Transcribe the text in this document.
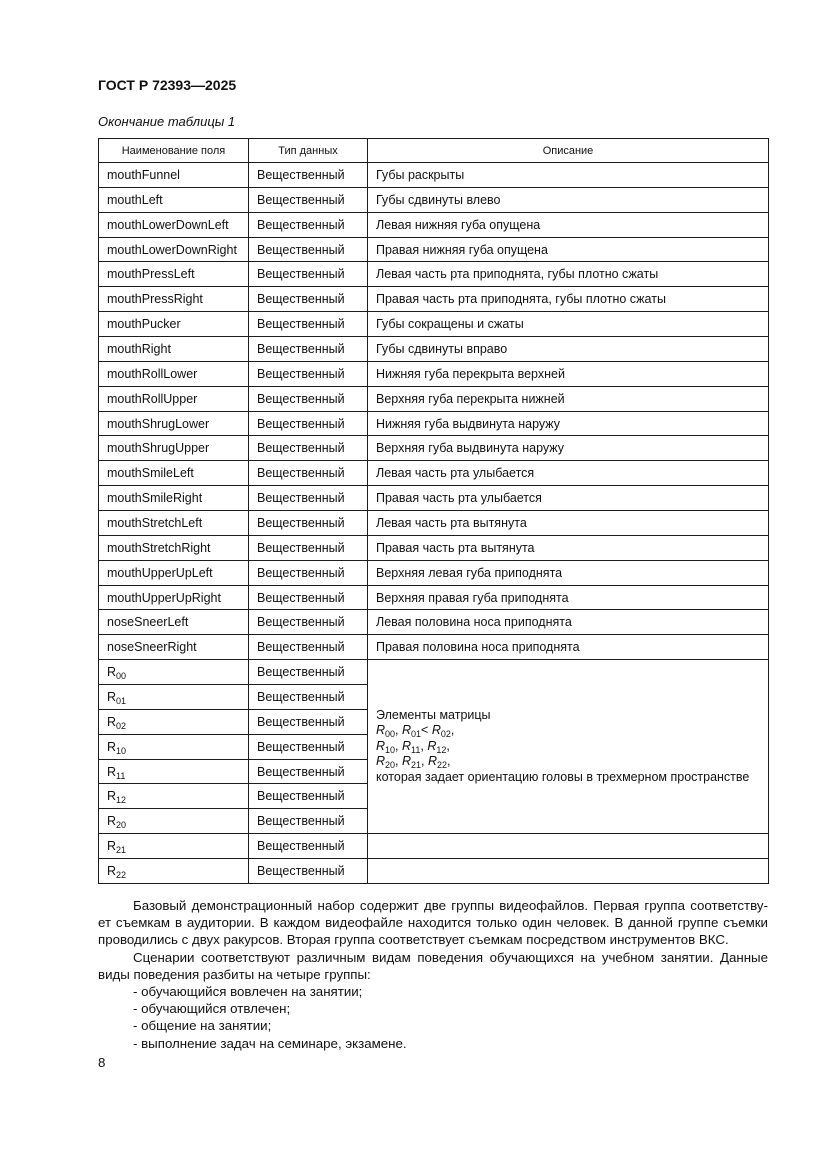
ГОСТ Р 72393—2025
Окончание таблицы 1
Наименование поля	Тип данных	Описание
mouthFunnel	Вещественный	Губы раскрыты
mouthLeft	Вещественный	Губы сдвинуты влево
mouthLowerDownLeft	Вещественный	Левая нижняя губа опущена
mouthLowerDownRight	Вещественный	Правая нижняя губа опущена
mouthPressLeft	Вещественный	Левая часть рта приподнята, губы плотно сжаты
mouthPressRight	Вещественный	Правая часть рта приподнята, губы плотно сжаты
mouthPucker	Вещественный	Губы сокращены и сжаты
mouthRight	Вещественный	Губы сдвинуты вправо
mouthRollLower	Вещественный	Нижняя губа перекрыта верхней
mouthRollUpper	Вещественный	Верхняя губа перекрыта нижней
mouthShrugLower	Вещественный	Нижняя губа выдвинута наружу
mouthShrugUpper	Вещественный	Верхняя губа выдвинута наружу
mouthSmileLeft	Вещественный	Левая часть рта улыбается
mouthSmileRight	Вещественный	Правая часть рта улыбается
mouthStretchLeft	Вещественный	Левая часть рта вытянута
mouthStretchRight	Вещественный	Правая часть рта вытянута
mouthUpperUpLeft	Вещественный	Верхняя левая губа приподнята
mouthUpperUpRight	Вещественный	Верхняя правая губа приподнята
noseSneerLeft	Вещественный	Левая половина носа приподнята
noseSneerRight	Вещественный	Правая половина носа приподнята
$R_{00}$	Вещественный	Элементы матрицы
$R_{00}$, $R_{01}< R_{02}$,
$R_{10}$, $R_{11}$, $R_{12}$,
$R_{20}$, $R_{21}$, $R_{22}$,
которая задает ориентацию головы в трехмерном пространстве

$R_{01}$	Вещественный	
$R_{02}$	Вещественный	
$R_{10}$	Вещественный	
$R_{11}$	Вещественный	
$R_{12}$	Вещественный	
$R_{20}$	Вещественный	
$R_{21}$	Вещественный	
$R_{22}$	Вещественный	
Базовый демонстрационный набор содержит две группы видеофайлов. Первая группа соответству-
ет съемкам в аудитории. В каждом видеофайле находится только один человек. В данной группе съемки
проводились с двух ракурсов. Вторая группа соответствует съемкам посредством инструментов ВКС.
Сценарии соответствуют различным видам поведения обучающихся на учебном занятии. Данные
виды поведения разбиты на четыре группы:
- обучающийся вовлечен на занятии;
- обучающийся отвлечен;
- общение на занятии;
- выполнение задач на семинаре, экзамене.
8
